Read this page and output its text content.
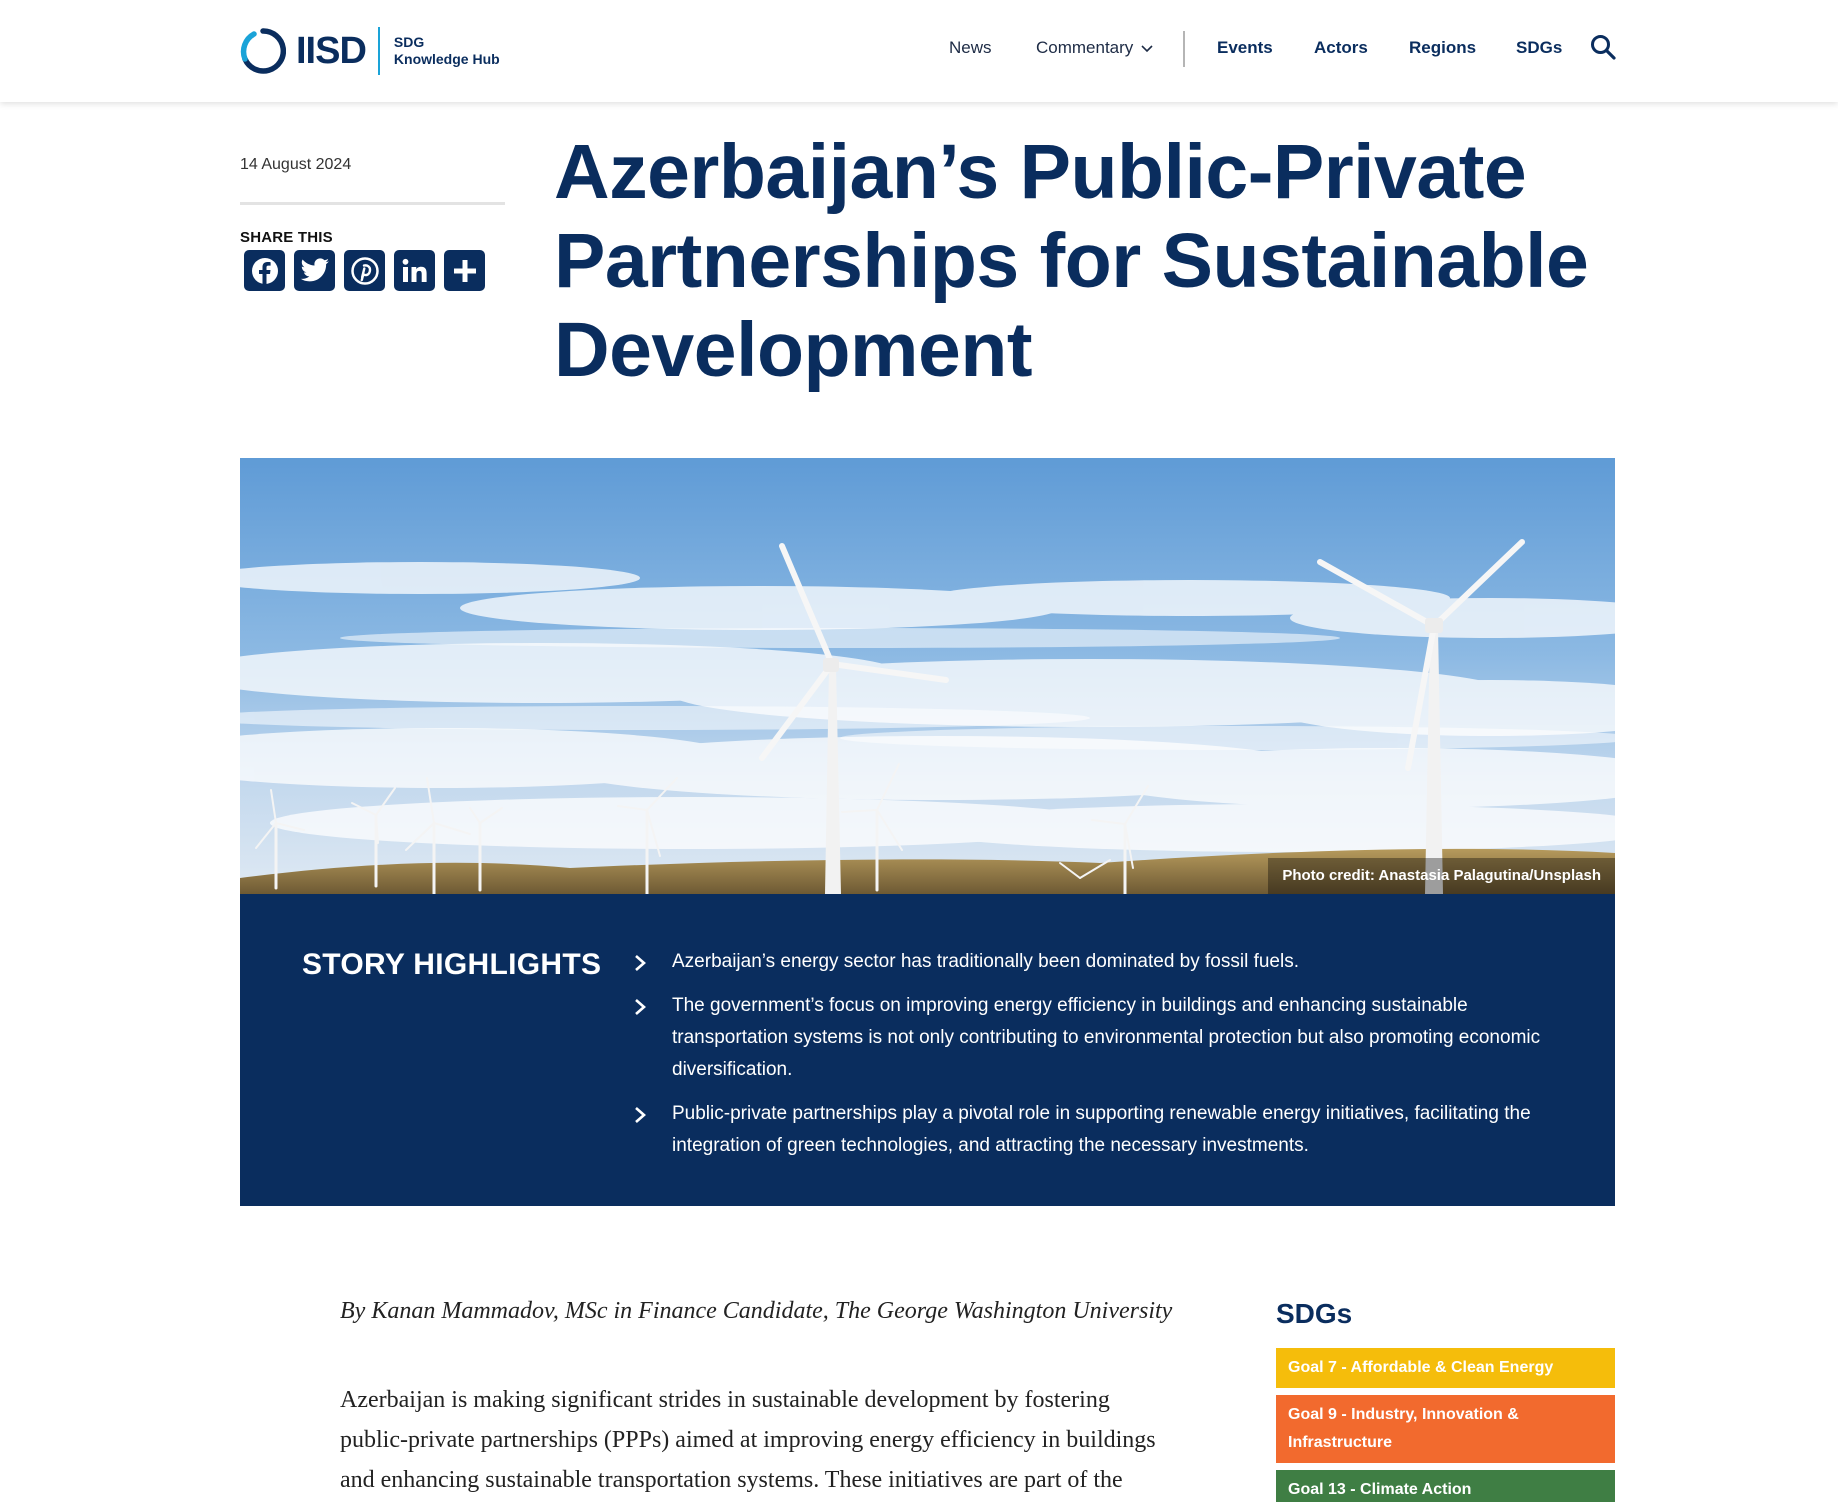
IISD SDG
Knowledge Hub
News	Commentary	Events Actors Regions SDGs
14 August 2024
SHARE THIS
Azerbaijan’s Public-Private Partnerships for Sustainable Development
Photo credit: Anastasia Palagutina/Unsplash
STORY HIGHLIGHTS	Azerbaijan’s energy sector has traditionally been dominated by fossil fuels.
The government’s focus on improving energy efficiency in buildings and enhancing sustainable transportation systems is not only contributing to environmental protection but also promoting economic diversification.
Public-private partnerships play a pivotal role in supporting renewable energy initiatives, facilitating the integration of green technologies, and attracting the necessary investments.

By Kanan Mammadov, MSc in Finance Candidate, The George Washington University

Azerbaijan is making significant strides in sustainable development by fostering public-private partnerships (PPPs) aimed at improving energy efficiency in buildings and enhancing sustainable transportation systems. These initiatives are part of the

SDGs
Goal 7 - Affordable & Clean Energy
Goal 9 - Industry, Innovation & Infrastructure
Goal 13 - Climate Action
